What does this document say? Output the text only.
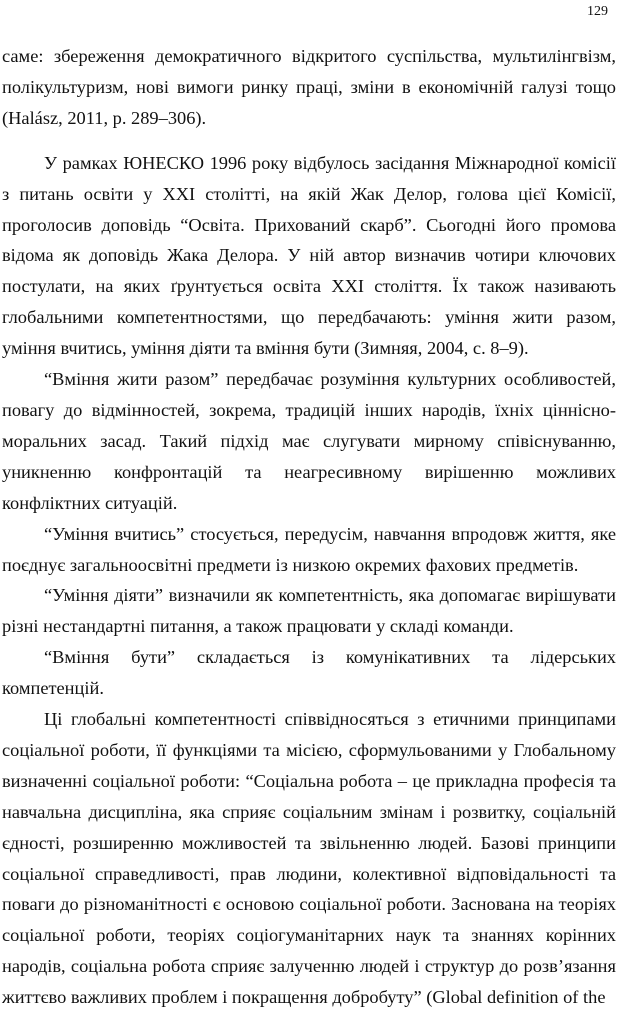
129

саме: збереження демократичного відкритого суспільства, мультилінгвізм, полікультуризм, нові вимоги ринку праці, зміни в економічній галузі тощо (Halász, 2011, p. 289–306).

У рамках ЮНЕСКО 1996 року відбулось засідання Міжнародної комісії з питань освіти у XXI столітті, на якій Жак Делор, голова цієї Комісії, проголосив доповідь “Освіта. Прихований скарб”. Сьогодні його промова відома як доповідь Жака Делора. У ній автор визначив чотири ключових постулати, на яких ґрунтується освіта XXI століття. Їх також називають глобальними компетентностями, що передбачають: уміння жити разом, уміння вчитись, уміння діяти та вміння бути (Зимняя, 2004, с. 8–9).

“Вміння жити разом” передбачає розуміння культурних особливостей, повагу до відмінностей, зокрема, традицій інших народів, їхніх ціннісно-моральних засад. Такий підхід має слугувати мирному співіснуванню, уникненню конфронтацій та неагресивному вирішенню можливих конфліктних ситуацій.

“Уміння вчитись” стосується, передусім, навчання впродовж життя, яке поєднує загальноосвітні предмети із низкою окремих фахових предметів.

“Уміння діяти” визначили як компетентність, яка допомагає вирішувати різні нестандартні питання, а також працювати у складі команди.

“Вміння бути” складається із комунікативних та лідерських компетенцій.

Ці глобальні компетентності співвідносяться з етичними принципами соціальної роботи, її функціями та місією, сформульованими у Глобальному визначенні соціальної роботи: “Соціальна робота – це прикладна професія та навчальна дисципліна, яка сприяє соціальним змінам і розвитку, соціальній єдності, розширенню можливостей та звільненню людей. Базові принципи соціальної справедливості, прав людини, колективної відповідальності та поваги до різноманітності є основою соціальної роботи. Заснована на теоріях соціальної роботи, теоріях соціогуманітарних наук та знаннях корінних народів, соціальна робота сприяє залученню людей і структур до розв’язання життєво важливих проблем і покращення добробуту” (Global definition of the
